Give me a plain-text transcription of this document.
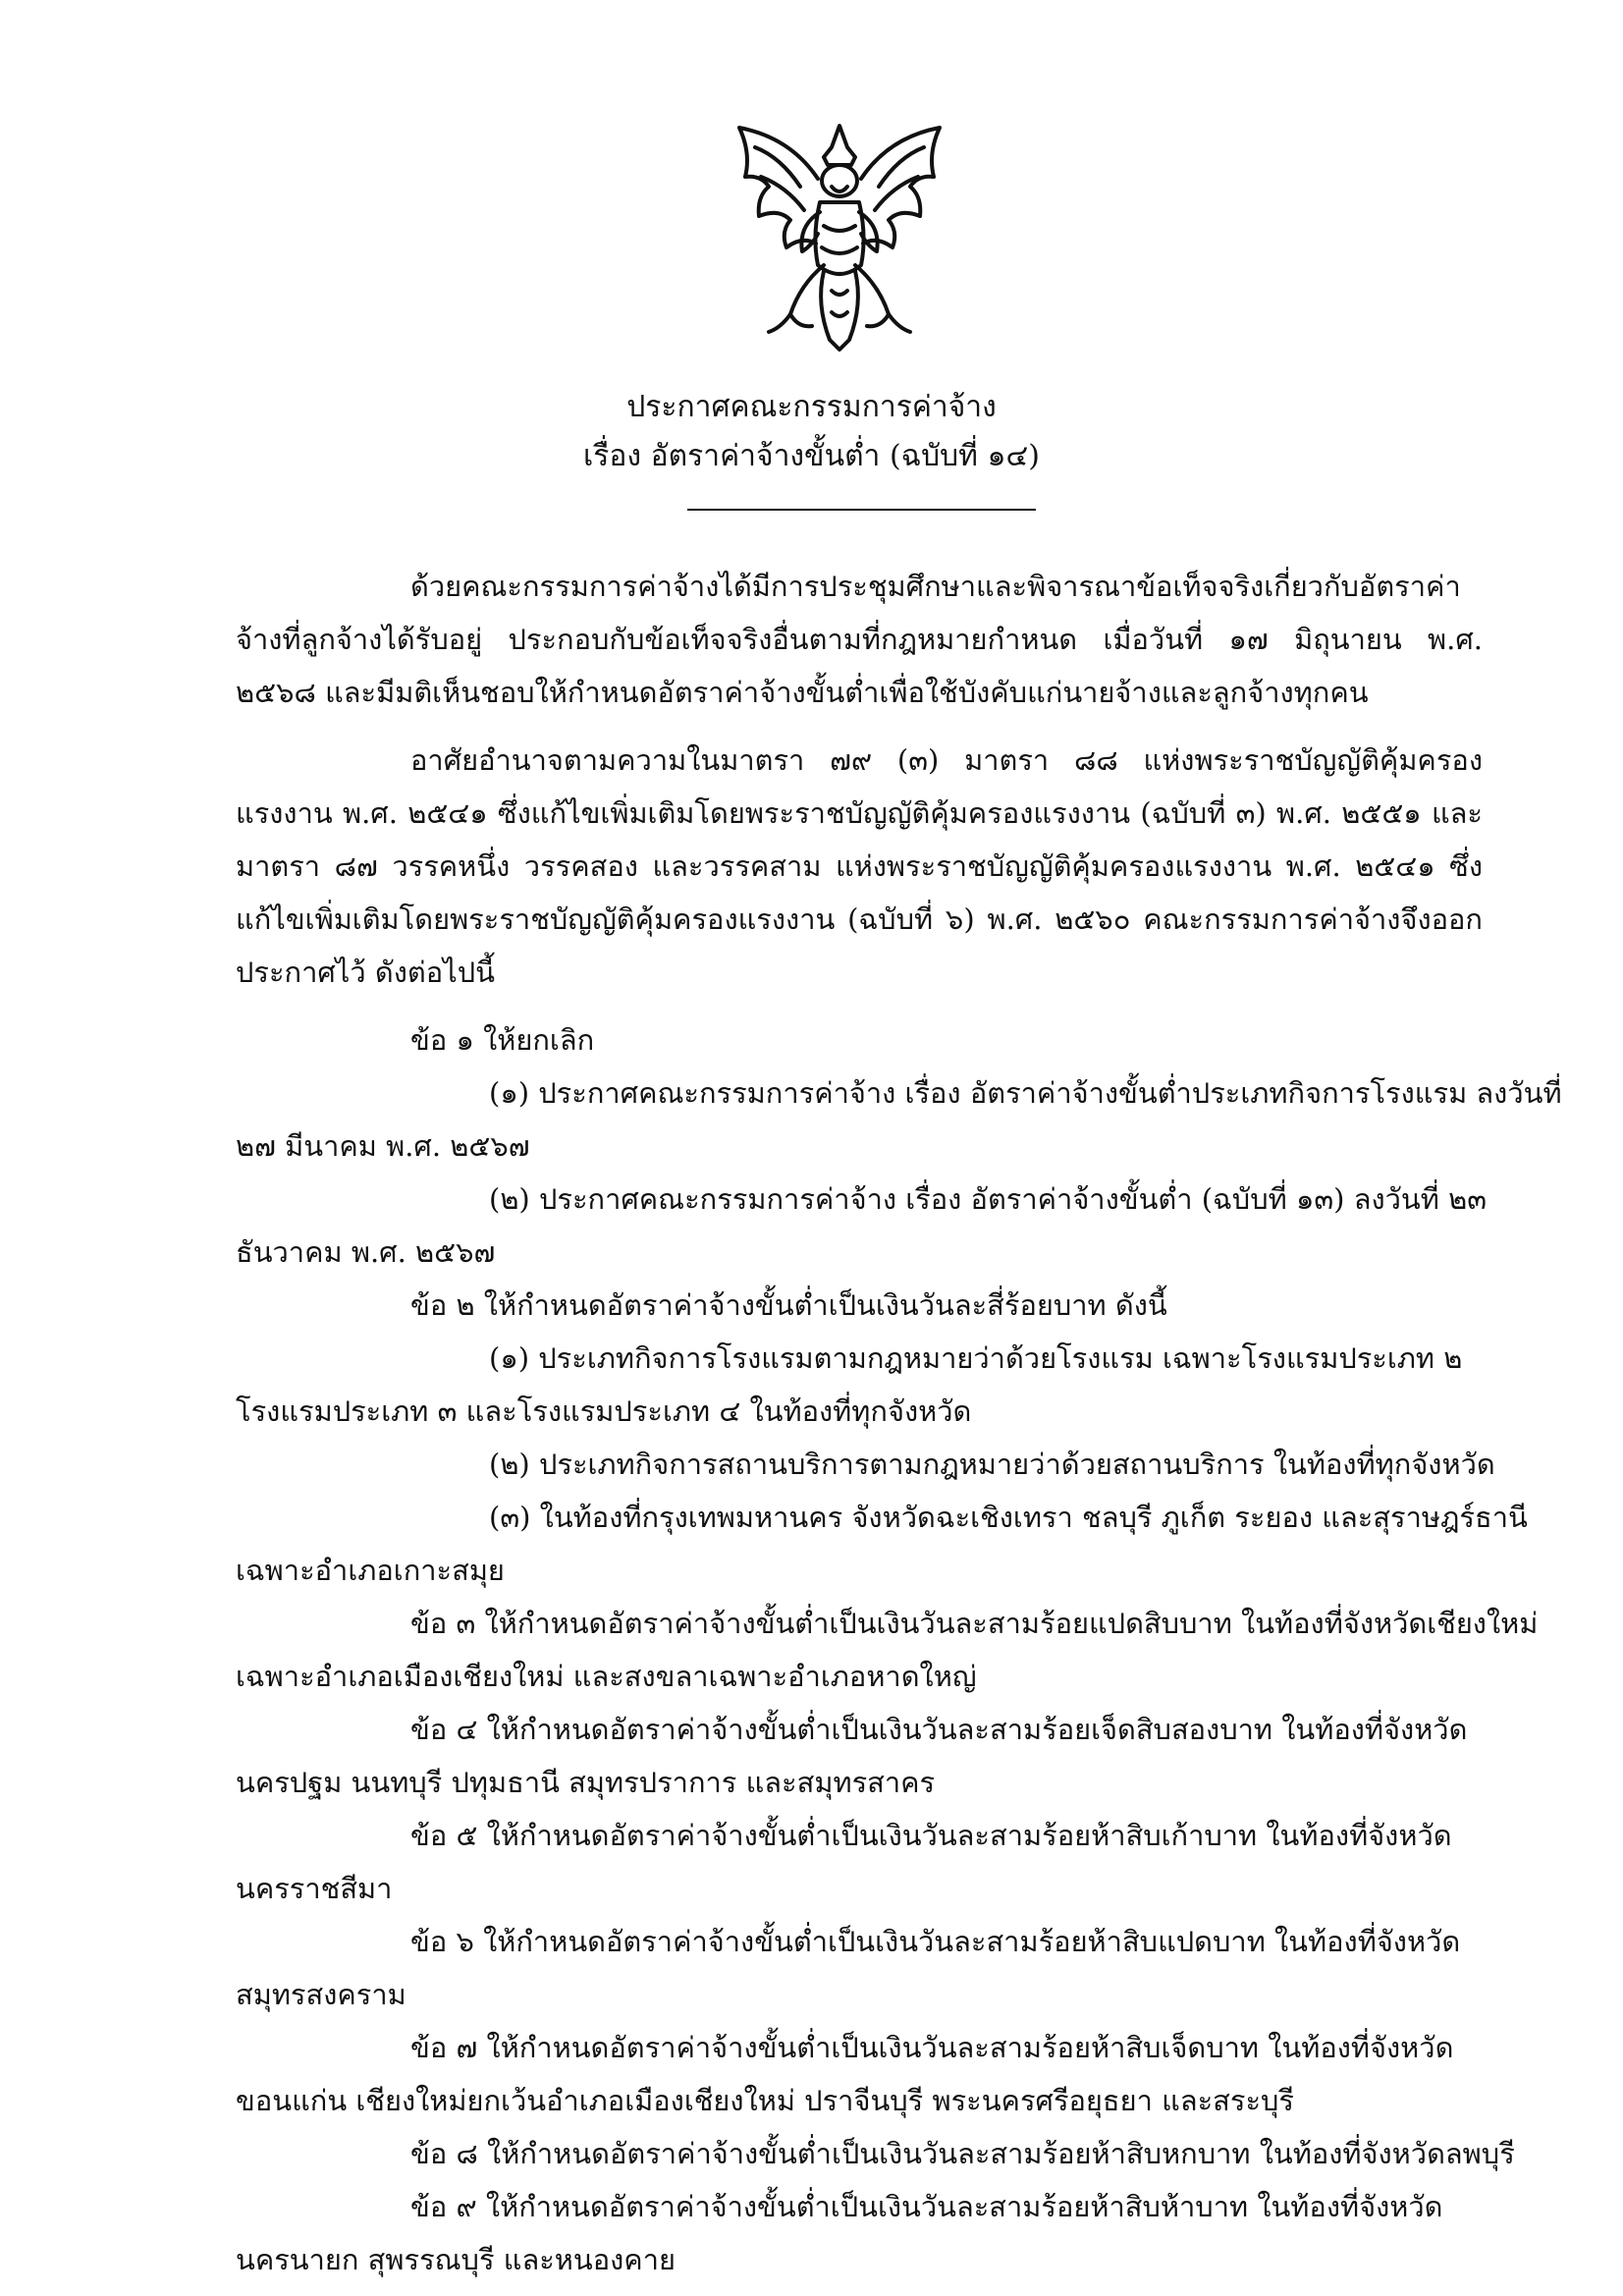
ประกาศคณะกรรมการค่าจ้าง
เรื่อง อัตราค่าจ้างขั้นต่ำ (ฉบับที่ ๑๔)

ด้วยคณะกรรมการค่าจ้างได้มีการประชุมศึกษาและพิจารณาข้อเท็จจริงเกี่ยวกับอัตราค่าจ้างที่ลูกจ้างได้รับอยู่ ประกอบกับข้อเท็จจริงอื่นตามที่กฎหมายกำหนด เมื่อวันที่ ๑๗ มิถุนายน พ.ศ. ๒๕๖๘ และมีมติเห็นชอบให้กำหนดอัตราค่าจ้างขั้นต่ำเพื่อใช้บังคับแก่นายจ้างและลูกจ้างทุกคน

อาศัยอำนาจตามความในมาตรา ๗๙ (๓) มาตรา ๘๘ แห่งพระราชบัญญัติคุ้มครองแรงงาน พ.ศ. ๒๕๔๑ ซึ่งแก้ไขเพิ่มเติมโดยพระราชบัญญัติคุ้มครองแรงงาน (ฉบับที่ ๓) พ.ศ. ๒๕๕๑ และมาตรา ๘๗ วรรคหนึ่ง วรรคสอง และวรรคสาม แห่งพระราชบัญญัติคุ้มครองแรงงาน พ.ศ. ๒๕๔๑ ซึ่งแก้ไขเพิ่มเติมโดยพระราชบัญญัติคุ้มครองแรงงาน (ฉบับที่ ๖) พ.ศ. ๒๕๖๐ คณะกรรมการค่าจ้างจึงออกประกาศไว้ ดังต่อไปนี้

ข้อ ๑ ให้ยกเลิก
(๑) ประกาศคณะกรรมการค่าจ้าง เรื่อง อัตราค่าจ้างขั้นต่ำประเภทกิจการโรงแรม ลงวันที่
๒๗ มีนาคม พ.ศ. ๒๕๖๗
(๒) ประกาศคณะกรรมการค่าจ้าง เรื่อง อัตราค่าจ้างขั้นต่ำ (ฉบับที่ ๑๓) ลงวันที่ ๒๓
ธันวาคม พ.ศ. ๒๕๖๗
ข้อ ๒ ให้กำหนดอัตราค่าจ้างขั้นต่ำเป็นเงินวันละสี่ร้อยบาท ดังนี้
(๑) ประเภทกิจการโรงแรมตามกฎหมายว่าด้วยโรงแรม เฉพาะโรงแรมประเภท ๒
โรงแรมประเภท ๓ และโรงแรมประเภท ๔ ในท้องที่ทุกจังหวัด
(๒) ประเภทกิจการสถานบริการตามกฎหมายว่าด้วยสถานบริการ ในท้องที่ทุกจังหวัด
(๓) ในท้องที่กรุงเทพมหานคร จังหวัดฉะเชิงเทรา ชลบุรี ภูเก็ต ระยอง และสุราษฎร์ธานี
เฉพาะอำเภอเกาะสมุย
ข้อ ๓ ให้กำหนดอัตราค่าจ้างขั้นต่ำเป็นเงินวันละสามร้อยแปดสิบบาท ในท้องที่จังหวัดเชียงใหม่
เฉพาะอำเภอเมืองเชียงใหม่ และสงขลาเฉพาะอำเภอหาดใหญ่
ข้อ ๔ ให้กำหนดอัตราค่าจ้างขั้นต่ำเป็นเงินวันละสามร้อยเจ็ดสิบสองบาท ในท้องที่จังหวัด
นครปฐม นนทบุรี ปทุมธานี สมุทรปราการ และสมุทรสาคร
ข้อ ๕ ให้กำหนดอัตราค่าจ้างขั้นต่ำเป็นเงินวันละสามร้อยห้าสิบเก้าบาท ในท้องที่จังหวัด
นครราชสีมา
ข้อ ๖ ให้กำหนดอัตราค่าจ้างขั้นต่ำเป็นเงินวันละสามร้อยห้าสิบแปดบาท ในท้องที่จังหวัด
สมุทรสงคราม
ข้อ ๗ ให้กำหนดอัตราค่าจ้างขั้นต่ำเป็นเงินวันละสามร้อยห้าสิบเจ็ดบาท ในท้องที่จังหวัด
ขอนแก่น เชียงใหม่ยกเว้นอำเภอเมืองเชียงใหม่ ปราจีนบุรี พระนครศรีอยุธยา และสระบุรี
ข้อ ๘ ให้กำหนดอัตราค่าจ้างขั้นต่ำเป็นเงินวันละสามร้อยห้าสิบหกบาท ในท้องที่จังหวัดลพบุรี
ข้อ ๙ ให้กำหนดอัตราค่าจ้างขั้นต่ำเป็นเงินวันละสามร้อยห้าสิบห้าบาท ในท้องที่จังหวัด
นครนายก สุพรรณบุรี และหนองคาย
